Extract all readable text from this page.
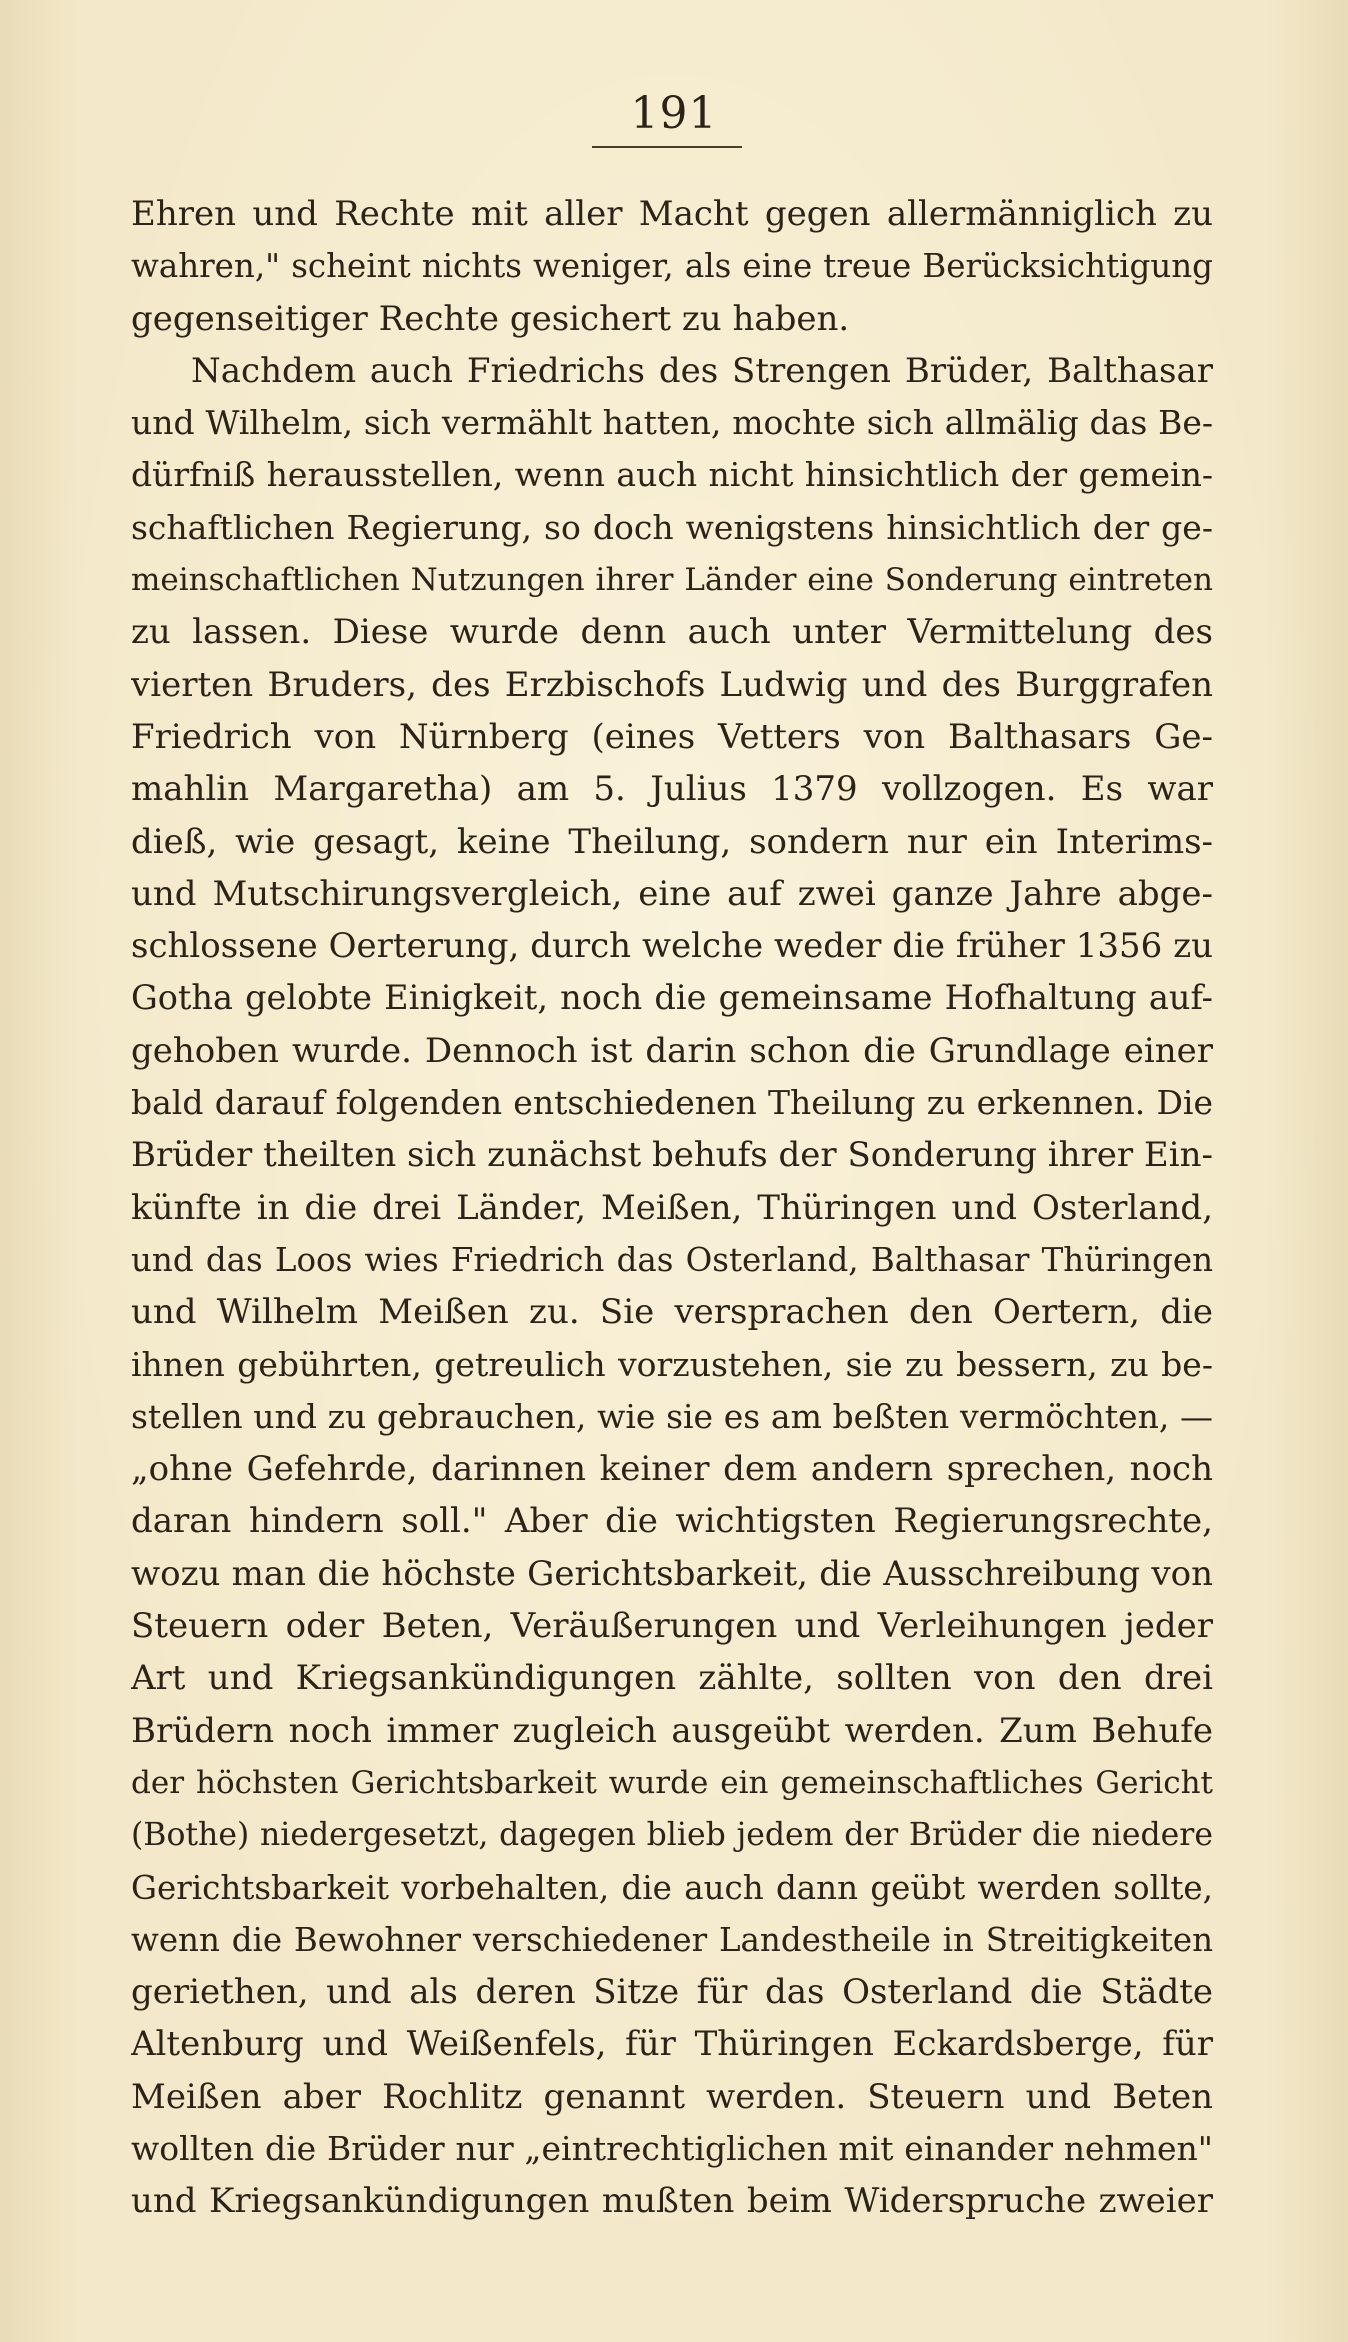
191
Ehren und Rechte mit aller Macht gegen allermänniglich zu
wahren," scheint nichts weniger, als eine treue Berücksichtigung
gegenseitiger Rechte gesichert zu haben.
Nachdem auch Friedrichs des Strengen Brüder, Balthasar
und Wilhelm, sich vermählt hatten, mochte sich allmälig das Be-
dürfniß herausstellen, wenn auch nicht hinsichtlich der gemein-
schaftlichen Regierung, so doch wenigstens hinsichtlich der ge-
meinschaftlichen Nutzungen ihrer Länder eine Sonderung eintreten
zu lassen. Diese wurde denn auch unter Vermittelung des
vierten Bruders, des Erzbischofs Ludwig und des Burggrafen
Friedrich von Nürnberg (eines Vetters von Balthasars Ge-
mahlin Margaretha) am 5. Julius 1379 vollzogen. Es war
dieß, wie gesagt, keine Theilung, sondern nur ein Interims-
und Mutschirungsvergleich, eine auf zwei ganze Jahre abge-
schlossene Oerterung, durch welche weder die früher 1356 zu
Gotha gelobte Einigkeit, noch die gemeinsame Hofhaltung auf-
gehoben wurde. Dennoch ist darin schon die Grundlage einer
bald darauf folgenden entschiedenen Theilung zu erkennen. Die
Brüder theilten sich zunächst behufs der Sonderung ihrer Ein-
künfte in die drei Länder, Meißen, Thüringen und Osterland,
und das Loos wies Friedrich das Osterland, Balthasar Thüringen
und Wilhelm Meißen zu. Sie versprachen den Oertern, die
ihnen gebührten, getreulich vorzustehen, sie zu bessern, zu be-
stellen und zu gebrauchen, wie sie es am beßten vermöchten, —
„ohne Gefehrde, darinnen keiner dem andern sprechen, noch
daran hindern soll." Aber die wichtigsten Regierungsrechte,
wozu man die höchste Gerichtsbarkeit, die Ausschreibung von
Steuern oder Beten, Veräußerungen und Verleihungen jeder
Art und Kriegsankündigungen zählte, sollten von den drei
Brüdern noch immer zugleich ausgeübt werden. Zum Behufe
der höchsten Gerichtsbarkeit wurde ein gemeinschaftliches Gericht
(Bothe) niedergesetzt, dagegen blieb jedem der Brüder die niedere
Gerichtsbarkeit vorbehalten, die auch dann geübt werden sollte,
wenn die Bewohner verschiedener Landestheile in Streitigkeiten
geriethen, und als deren Sitze für das Osterland die Städte
Altenburg und Weißenfels, für Thüringen Eckardsberge, für
Meißen aber Rochlitz genannt werden. Steuern und Beten
wollten die Brüder nur „eintrechtiglichen mit einander nehmen"
und Kriegsankündigungen mußten beim Widerspruche zweier
